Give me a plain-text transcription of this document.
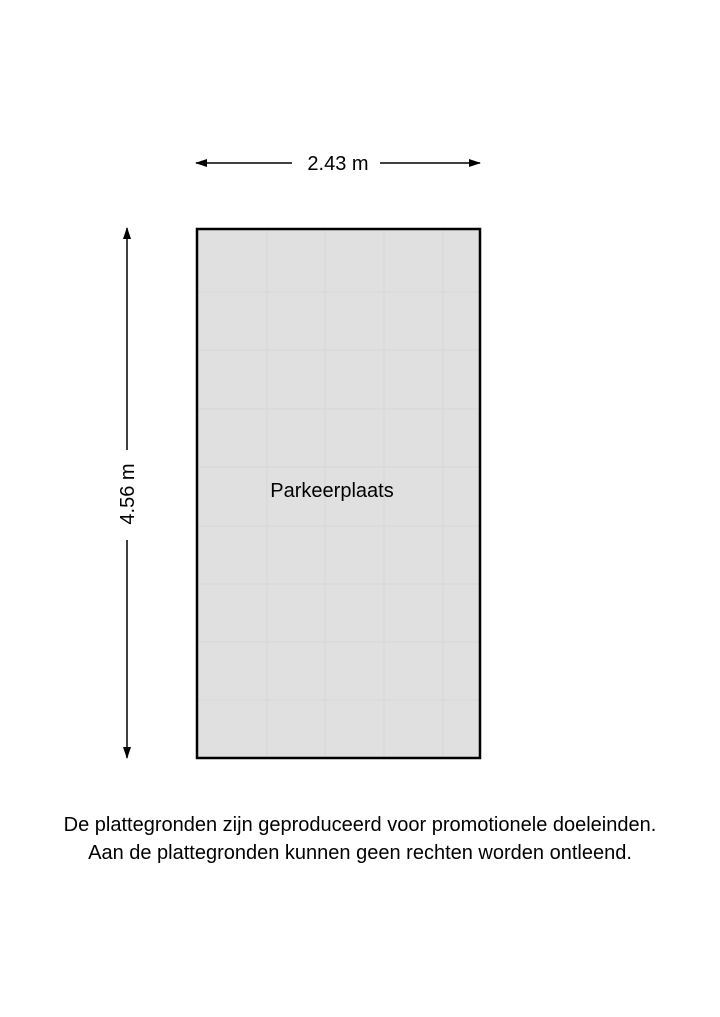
2.43 m
4.56 m	Parkeerplaats
De plattegronden zijn geproduceerd voor promotionele doeleinden.
Aan de plattegronden kunnen geen rechten worden ontleend.
